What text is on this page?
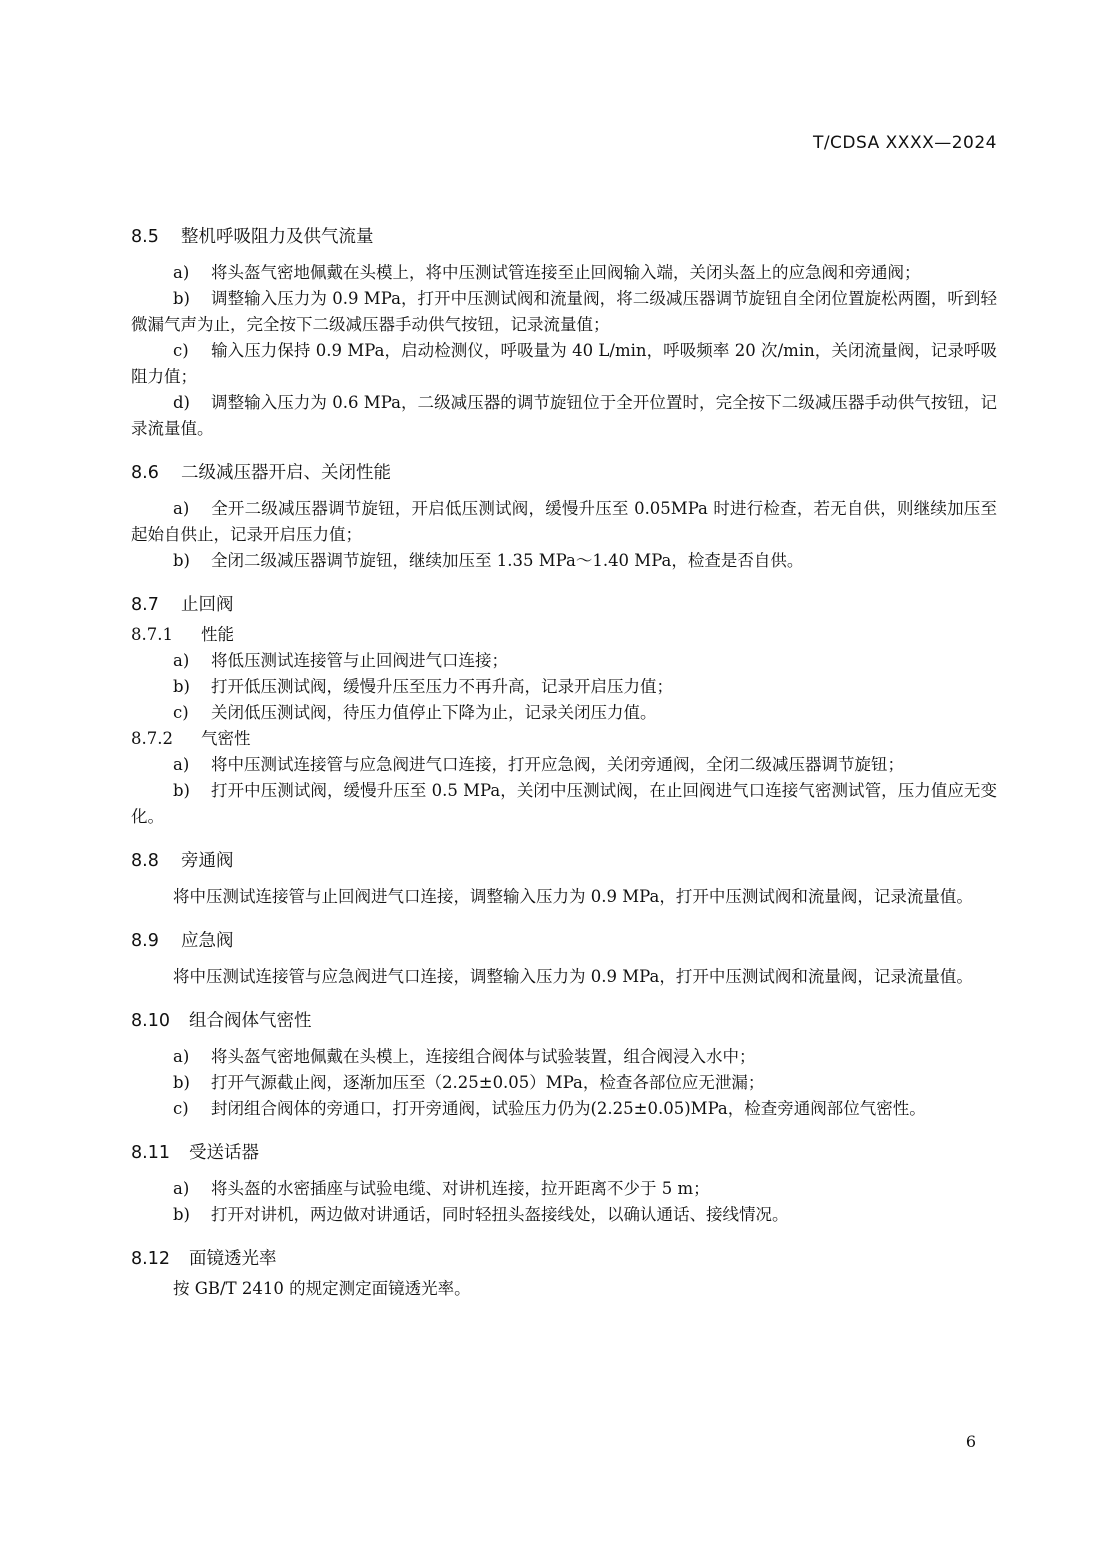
T/CDSA XXXX—2024
8.5	整机呼吸阻力及供气流量

a) 将头盔气密地佩戴在头模上，将中压测试管连接至止回阀输入端，关闭头盔上的应急阀和旁通阀；

b) 调整输入压力为 0.9 MPa，打开中压测试阀和流量阀，将二级减压器调节旋钮自全闭位置旋松两圈，听到轻微漏气声为止，完全按下二级减压器手动供气按钮，记录流量值；

c) 输入压力保持 0.9 MPa，启动检测仪，呼吸量为 40 L/min，呼吸频率 20 次/min，关闭流量阀，记录呼吸阻力值；

d) 调整输入压力为 0.6 MPa，二级减压器的调节旋钮位于全开位置时，完全按下二级减压器手动供气按钮，记录流量值。

8.6	二级减压器开启、关闭性能

a) 全开二级减压器调节旋钮，开启低压测试阀，缓慢升压至 0.05MPa 时进行检查，若无自供，则继续加压至起始自供止，记录开启压力值；

b) 全闭二级减压器调节旋钮，继续加压至 1.35 MPa～1.40 MPa，检查是否自供。

8.7	止回阀
8.7.1	性能

a) 将低压测试连接管与止回阀进气口连接；

b) 打开低压测试阀，缓慢升压至压力不再升高，记录开启压力值；

c) 关闭低压测试阀，待压力值停止下降为止，记录关闭压力值。

8.7.2	气密性

a) 将中压测试连接管与应急阀进气口连接，打开应急阀，关闭旁通阀，全闭二级减压器调节旋钮；

b) 打开中压测试阀，缓慢升压至 0.5 MPa，关闭中压测试阀，在止回阀进气口连接气密测试管，压力值应无变化。

8.8	旁通阀

将中压测试连接管与止回阀进气口连接，调整输入压力为 0.9 MPa，打开中压测试阀和流量阀，记录流量值。

8.9	应急阀

将中压测试连接管与应急阀进气口连接，调整输入压力为 0.9 MPa，打开中压测试阀和流量阀，记录流量值。

8.10	组合阀体气密性

a) 将头盔气密地佩戴在头模上，连接组合阀体与试验装置，组合阀浸入水中；

b) 打开气源截止阀，逐渐加压至（2.25±0.05）MPa，检查各部位应无泄漏；

c) 封闭组合阀体的旁通口，打开旁通阀，试验压力仍为(2.25±0.05)MPa，检查旁通阀部位气密性。

8.11	受送话器

a) 将头盔的水密插座与试验电缆、对讲机连接，拉开距离不少于 5 m；

b) 打开对讲机，两边做对讲通话，同时轻扭头盔接线处，以确认通话、接线情况。

8.12	面镜透光率

按 GB/T 2410 的规定测定面镜透光率。

6
